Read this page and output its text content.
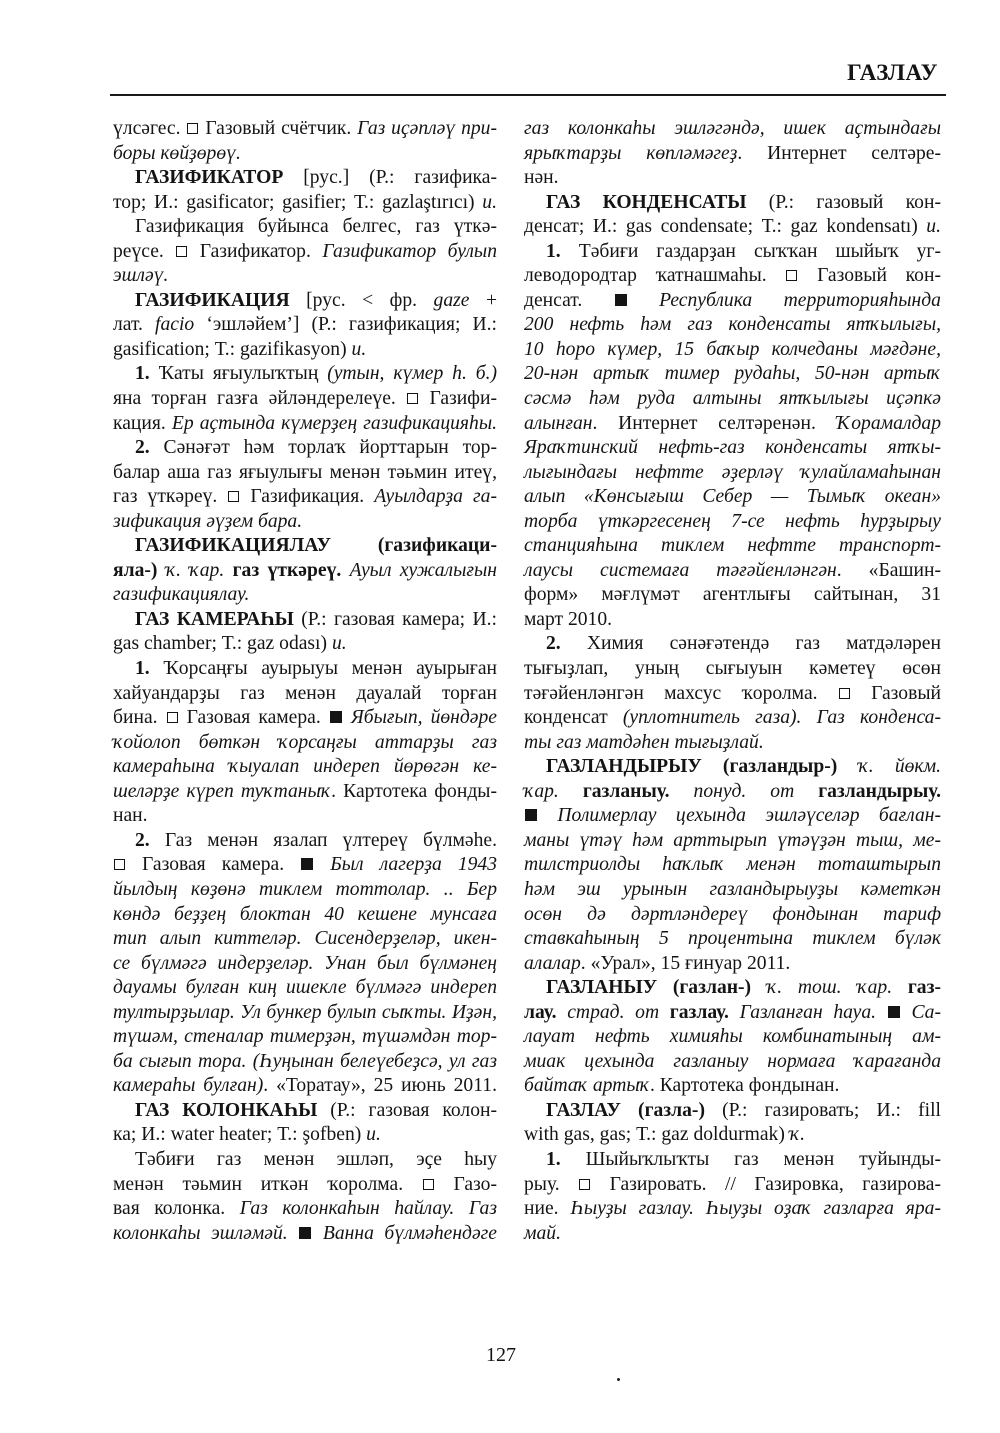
ГАЗЛАУ
үлсәгес.  Газовый счётчик. Газ иҫәпләү при-
боры көйҙөрөү.
ГАЗИФИКАТОР [рус.] (Р.: газифика-
тор; И.: gasificator; gasifier; Т.: gazlaştırıcı) и.
Газификация буйынса белгес, газ үткә-
реүсе.  Газификатор. Газификатор булып
эшләү.
ГАЗИФИКАЦИЯ [рус. < фр. gaze +
лат. facio ‘эшләйем’] (Р.: газификация; И.:
gasification; Т.: gazifikasyon) и.
1. Ҡаты яғыулыҡтың (утын, күмер һ. б.)
яна торған газға әйләндерелеүе.  Газифи-
кация. Ер аҫтында күмерҙең газификацияһы.
2. Сәнәғәт һәм торлаҡ йорттарын тор-
балар аша газ яғыулығы менән тәьмин итеү,
газ үткәреү.  Газификация. Ауылдарҙа га-
зификация әүҙем бара.
ГАЗИФИКАЦИЯЛАУ (газификаци-
яла-) ҡ. ҡар. газ үткәреү. Ауыл хужалығын
газификациялау.
ГАЗ КАМЕРАҺЫ (Р.: газовая камера; И.:
gas chamber; Т.: gaz odası) и.
1. Ҡорсаңғы ауырыуы менән ауырыған
хайуандарҙы газ менән дауалай торған
бина.  Газовая камера.  Ябығып, йөндәре
ҡойолоп бөткән ҡорсаңғы аттарҙы газ
камераһына ҡыуалап индереп йөрөгән ке-
шеләрҙе күреп туҡтаныҡ. Картотека фонды-
нан.
2. Газ менән язалап үлтереү бүлмәһе.
Газовая камера.  Был лагерҙа 1943
йылдың көҙөнә тиклем тоттолар. .. Бер
көндә беҙҙең блоктан 40 кешене мунсаға
тип алып киттеләр. Сисендерҙеләр, икен-
се бүлмәгә индерҙеләр. Унан был бүлмәнең
дауамы булған киң ишекле бүлмәгә индереп
тултырҙылар. Ул бункер булып сыҡты. Иҙән,
түшәм, стеналар тимерҙән, түшәмдән тор-
ба сығып тора. (Һуңынан белеүебеҙсә, ул газ
камераһы булған). «Торатау», 25 июнь 2011.
ГАЗ КОЛОНКАҺЫ (Р.: газовая колон-
ка; И.: water heater; Т.: şofben) и.
Тәбиғи газ менән эшләп, эҫе һыу
менән тәьмин иткән ҡоролма.  Газо-
вая колонка. Газ колонкаһын һайлау. Газ
колонкаһы эшләмәй. Ванна бүлмәһендәге
газ колонкаһы эшләгәндә, ишек аҫтындағы
ярыҡтарҙы көпләмәгеҙ. Интернет селтәре-
нән.
ГАЗ КОНДЕНСАТЫ (Р.: газовый кон-
денсат; И.: gas condensate; Т.: gaz kondensatı) и.
1. Тәбиғи газдарҙан сыҡҡан шыйыҡ уг-
леводородтар ҡатнашмаһы.  Газовый кон-
денсат.  Республика территорияһында
200 нефть һәм газ конденсаты ятҡылығы,
10 һоро күмер, 15 баҡыр колчеданы мәғдәне,
20-нән артыҡ тимер рудаһы, 50-нән артыҡ
сәсмә һәм руда алтыны ятҡылығы иҫәпкә
алынған. Интернет селтәренән. Ҡорамалдар
Яраҡтинский нефть-газ конденсаты ятҡы-
лығындағы нефтте әҙерләү ҡулайламаһынан
алып «Көнсығыш Себер — Тымыҡ океан»
торба үткәргесенең 7-се нефть һурҙырыу
станцияһына тиклем нефтте транспорт-
лаусы системаға тәғәйенләнгән. «Башин-
форм» мәғлүмәт агентлығы сайтынан, 31
март 2010.
2. Химия сәнәғәтендә газ матдәләрен
тығыҙлап, уның сығыуын кәметеү өсөн
тәғәйенләнгән махсус ҡоролма.  Газовый
конденсат (уплотнитель газа). Газ конденса-
ты газ матдәһен тығыҙлай.
ГАЗЛАНДЫРЫУ (газландыр-) ҡ. йөкм.
ҡар. газланыу. понуд. от газландырыу.
Полимерлау цехында эшләүселәр бағлан-
маны үтәү һәм арттырып үтәүҙән тыш, ме-
тилстриолды һаҡлыҡ менән тоташтырып
һәм эш урынын газландырыуҙы кәметкән
осөн дә дәртләндереү фондынан тариф
ставкаһының 5 процентына тиклем бүләк
алалар. «Урал», 15 ғинуар 2011.
ГАЗЛАНЫУ (газлан-) ҡ. тош. ҡар. газ-
лау. страд. от газлау. Газланған һауа. Са-
лауат нефть химияһы комбинатының ам-
миак цехында газланыу нормаға ҡарағанда
байтаҡ артыҡ. Картотека фондынан.
ГАЗЛАУ (газла-) (Р.: газировать; И.: fill
with gas, gas; Т.: gaz doldurmak) ҡ.
1. Шыйыҡлыҡты газ менән туйынды-
рыу.  Газировать. // Газировка, газирова-
ние. Һыуҙы газлау. Һыуҙы оҙаҡ газларға яра-
май.
127
